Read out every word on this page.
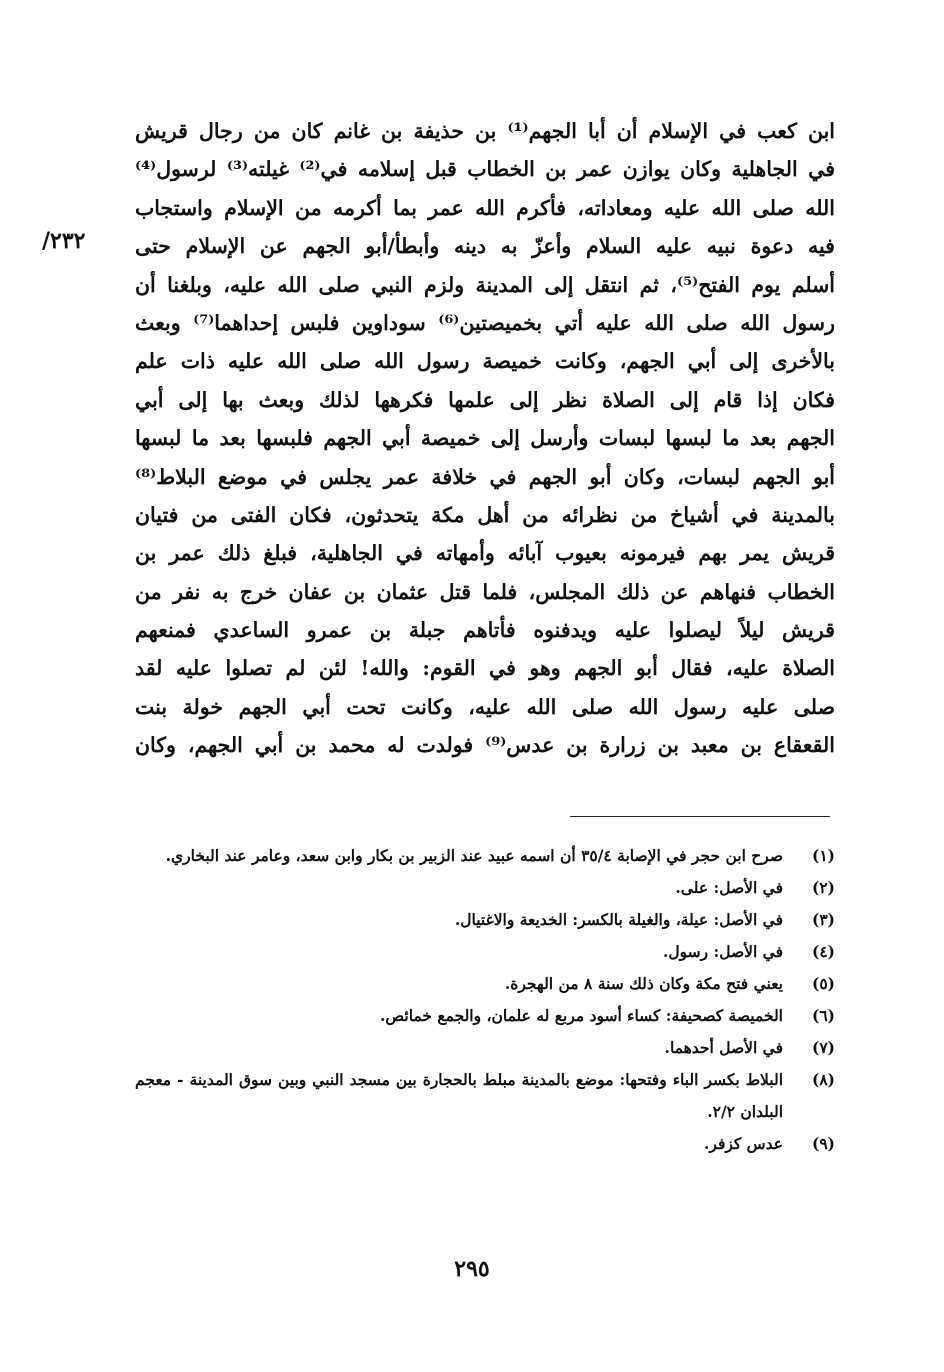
٢٣٢/
ابن كعب في الإسلام أن أبا الجهم⁽¹⁾ بن حذيفة بن غانم كان من رجال قريش
في الجاهلية وكان يوازن عمر بن الخطاب قبل إسلامه في⁽²⁾ غيلته⁽³⁾ لرسول⁽⁴⁾
الله صلى الله عليه ومعاداته، فأكرم الله عمر بما أكرمه من الإسلام واستجاب
فيه دعوة نبيه عليه السلام وأعزّ به دينه وأبطأ/أبو الجهم عن الإسلام حتى
أسلم يوم الفتح⁽⁵⁾، ثم انتقل إلى المدينة ولزم النبي صلى الله عليه، وبلغنا أن
رسول الله صلى الله عليه أتي بخميصتين⁽⁶⁾ سوداوين فلبس إحداهما⁽⁷⁾ وبعث
بالأخرى إلى أبي الجهم، وكانت خميصة رسول الله صلى الله عليه ذات علم
فكان إذا قام إلى الصلاة نظر إلى علمها فكرهها لذلك وبعث بها إلى أبي
الجهم بعد ما لبسها لبسات وأرسل إلى خميصة أبي الجهم فلبسها بعد ما لبسها
أبو الجهم لبسات، وكان أبو الجهم في خلافة عمر يجلس في موضع البلاط⁽⁸⁾
بالمدينة في أشياخ من نظرائه من أهل مكة يتحدثون، فكان الفتى من فتيان
قريش يمر بهم فيرمونه بعيوب آبائه وأمهاته في الجاهلية، فبلغ ذلك عمر بن
الخطاب فنهاهم عن ذلك المجلس، فلما قتل عثمان بن عفان خرج به نفر من
قريش ليلاً ليصلوا عليه ويدفنوه فأتاهم جبلة بن عمرو الساعدي فمنعهم
الصلاة عليه، فقال أبو الجهم وهو في القوم: والله! لئن لم تصلوا عليه لقد
صلى عليه رسول الله صلى الله عليه، وكانت تحت أبي الجهم خولة بنت
القعقاع بن معبد بن زرارة بن عدس⁽⁹⁾ فولدت له محمد بن أبي الجهم، وكان
(١)
صرح ابن حجر في الإصابة ٣٥/٤ أن اسمه عبيد عند الزبير بن بكار وابن سعد، وعامر عند البخاري.
(٢)
في الأصل: على.
(٣)
في الأصل: عيلة، والغيلة بالكسر: الخديعة والاغتيال.
(٤)
في الأصل: رسول.
(٥)
يعني فتح مكة وكان ذلك سنة ٨ من الهجرة.
(٦)
الخميصة كصحيفة: كساء أسود مربع له علمان، والجمع خمائص.
(٧)
في الأصل أحدهما.
(٨)
البلاط بكسر الباء وفتحها: موضع بالمدينة مبلط بالحجارة بين مسجد النبي وبين سوق المدينة - معجم البلدان ٢/٢.
(٩)
عدس كزفر.
٢٩٥
